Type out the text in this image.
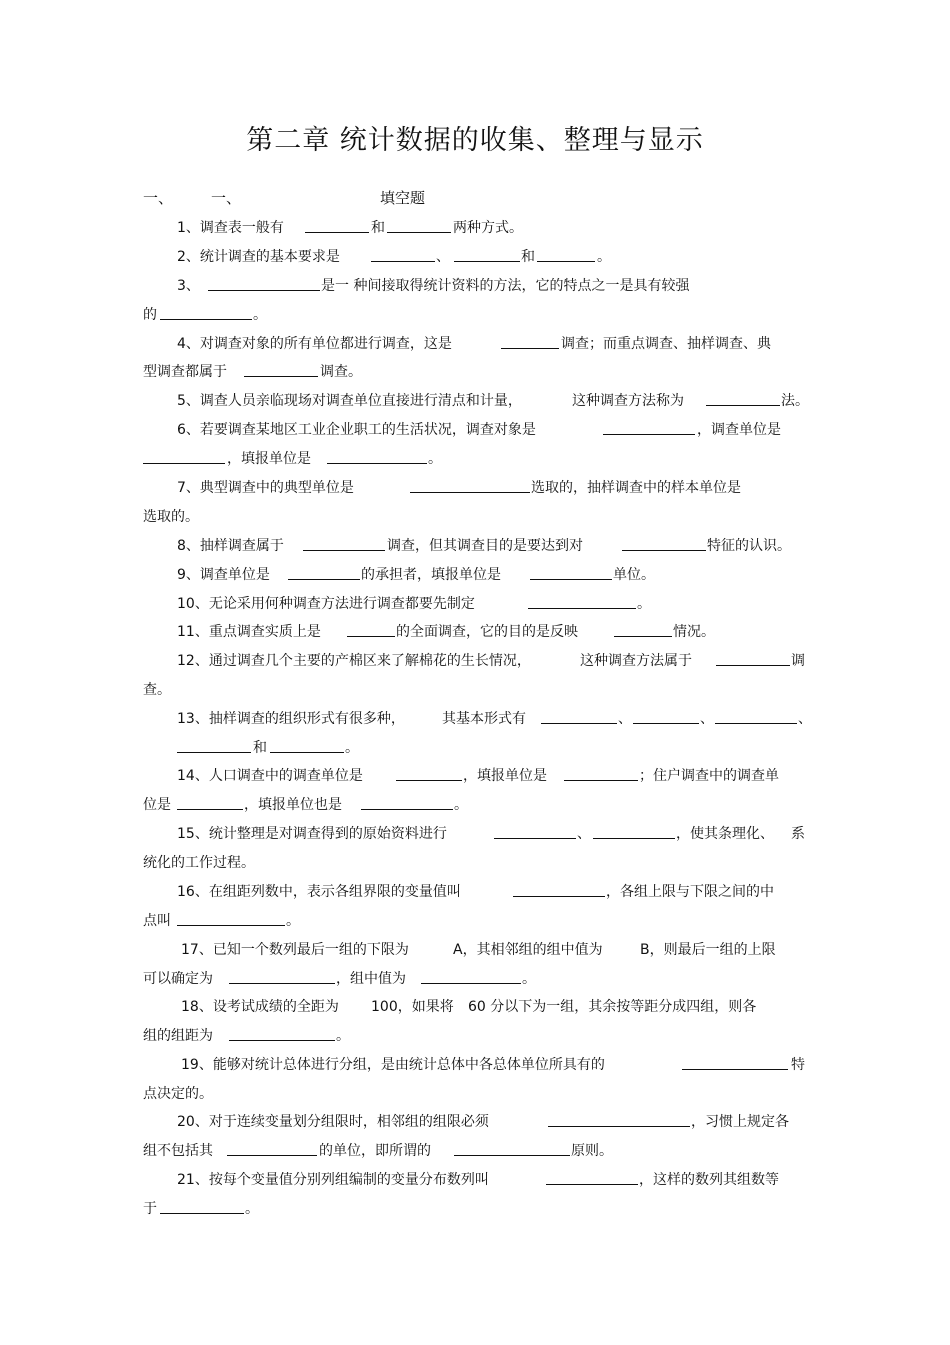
第二章 统计数据的收集、整理与显示
一、	一、	填空题
1、调查表一般有	和	两种方式。
2、统计调查的基本要求是	、	和	。
3、	是一 种间接取得统计资料的方法，它的特点之一是具有较强
的	。
4、对调查对象的所有单位都进行调查，这是	调查；而重点调查、抽样调查、典
型调查都属于	调查。
5、调查人员亲临现场对调查单位直接进行清点和计量，	这种调查方法称为	法。
6、若要调查某地区工业企业职工的生活状况，调查对象是	，调查单位是
，填报单位是	。
7、典型调查中的典型单位是	选取的，抽样调查中的样本单位是
选取的。
8、抽样调查属于	调查，但其调查目的是要达到对	特征的认识。
9、调查单位是	的承担者，填报单位是	单位。
10、无论采用何种调查方法进行调查都要先制定	。
11、重点调查实质上是	的全面调查，它的目的是反映	情况。
12、通过调查几个主要的产棉区来了解棉花的生长情况，	这种调查方法属于	调
查。
13、抽样调查的组织形式有很多种，	其基本形式有	、	、	、
和	。
14、人口调查中的调查单位是	，填报单位是	；住户调查中的调查单
位是	，填报单位也是	。
15、统计整理是对调查得到的原始资料进行	、	，使其条理化、 系
统化的工作过程。
16、在组距列数中，表示各组界限的变量值叫	，各组上限与下限之间的中
点叫	。
17、已知一个数列最后一组的下限为	A，其相邻组的组中值为	B，则最后一组的上限
可以确定为	，组中值为	。
18、设考试成绩的全距为 100，如果将 60 分以下为一组，其余按等距分成四组，则各
组的组距为	。
19、能够对统计总体进行分组，是由统计总体中各总体单位所具有的	特
点决定的。
20、对于连续变量划分组限时，相邻组的组限必须	，习惯上规定各
组不包括其	的单位，即所谓的	原则。
21、按每个变量值分别列组编制的变量分布数列叫	，这样的数列其组数等
于	。
